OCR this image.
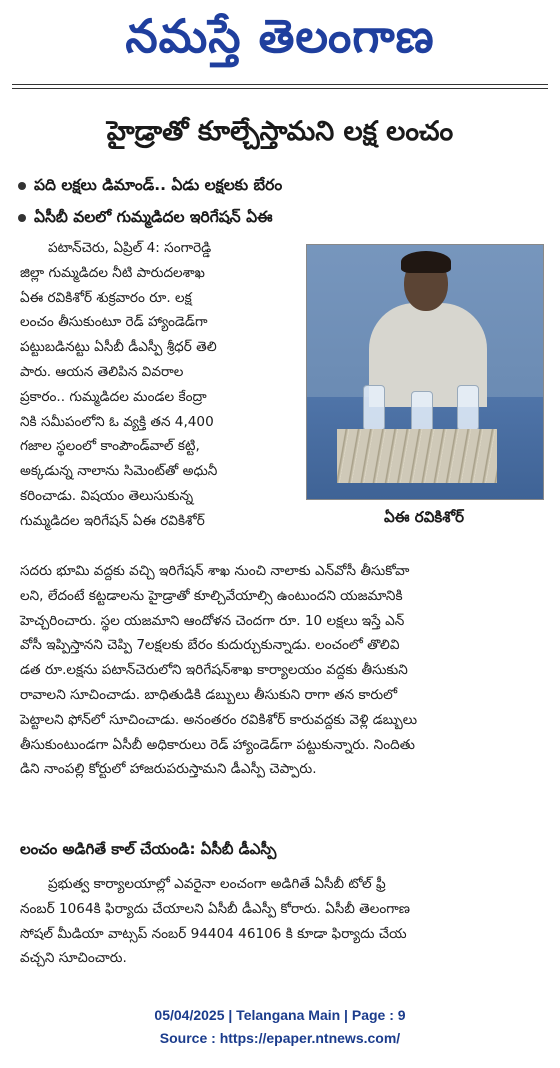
నమస్తే తెలంగాణ
హైడ్రాతో కూల్చేస్తామని లక్ష లంచం
పది లక్షలు డిమాండ్.. ఏడు లక్షలకు బేరం
ఏసీబీ వలలో గుమ్మడిదల ఇరిగేషన్ ఏఈ
పటాన్‌చెరు, ఏప్రిల్ 4: సంగారెడ్డి
జిల్లా గుమ్మడిదల నీటి పారుదలశాఖ
ఏఈ రవికిశోర్ శుక్రవారం రూ. లక్ష
లంచం తీసుకుంటూ రెడ్ హ్యాండెడ్‌గా
పట్టుబడినట్టు ఏసీబీ డీఎస్పీ శ్రీధర్ తెలి
పారు. ఆయన తెలిపిన వివరాల
ప్రకారం.. గుమ్మడిదల మండల కేంద్రా
నికి సమీపంలోని ఓ వ్యక్తి తన 4,400
గజాల స్థలంలో కాంపౌండ్‌వాల్ కట్టి,
అక్కడున్న నాలాను సిమెంట్‌తో అధునీ
కరించాడు. విషయం తెలుసుకున్న
గుమ్మడిదల ఇరిగేషన్ ఏఈ రవికిశోర్	ఏఈ రవికిశోర్
సదరు భూమి వద్దకు వచ్చి ఇరిగేషన్ శాఖ నుంచి నాలాకు ఎన్‌వోసీ తీసుకోవా
లని, లేదంటే కట్టడాలను హైడ్రాతో కూల్చివేయాల్సి ఉంటుందని యజమానికి
హెచ్చరించారు. స్థల యజమాని ఆందోళన చెందగా రూ. 10 లక్షలు ఇస్తే ఎన్
వోసీ ఇప్పిస్తానని చెప్పి 7లక్షలకు బేరం కుదుర్చుకున్నాడు. లంచంలో తొలివి
డత రూ.లక్షను పటాన్‌చెరులోని ఇరిగేషన్‌శాఖ కార్యాలయం వద్దకు తీసుకుని
రావాలని సూచించాడు. బాధితుడికి డబ్బులు తీసుకుని రాగా తన కారులో
పెట్టాలని ఫోన్‌లో సూచించాడు. అనంతరం రవికిశోర్ కారువద్దకు వెళ్లి డబ్బులు
తీసుకుంటుండగా ఏసీబీ అధికారులు రెడ్ హ్యాండెడ్‌గా పట్టుకున్నారు. నిందితు
డిని నాంపల్లి కోర్టులో హాజరుపరుస్తామని డీఎస్పీ చెప్పారు.
లంచం అడిగితే కాల్ చేయండి: ఏసీబీ డీఎస్పీ
ప్రభుత్వ కార్యాలయాల్లో ఎవరైనా లంచంగా అడిగితే ఏసీబీ టోల్ ఫ్రీ
నంబర్ 1064కి ఫిర్యాదు చేయాలని ఏసీబీ డీఎస్పీ కోరారు. ఏసీబీ తెలంగాణ
సోషల్ మీడియా వాట్సప్ నంబర్ 94404 46106 కి కూడా ఫిర్యాదు చేయ
వచ్చని సూచించారు.
05/04/2025 | Telangana Main | Page : 9
Source : https://epaper.ntnews.com/
